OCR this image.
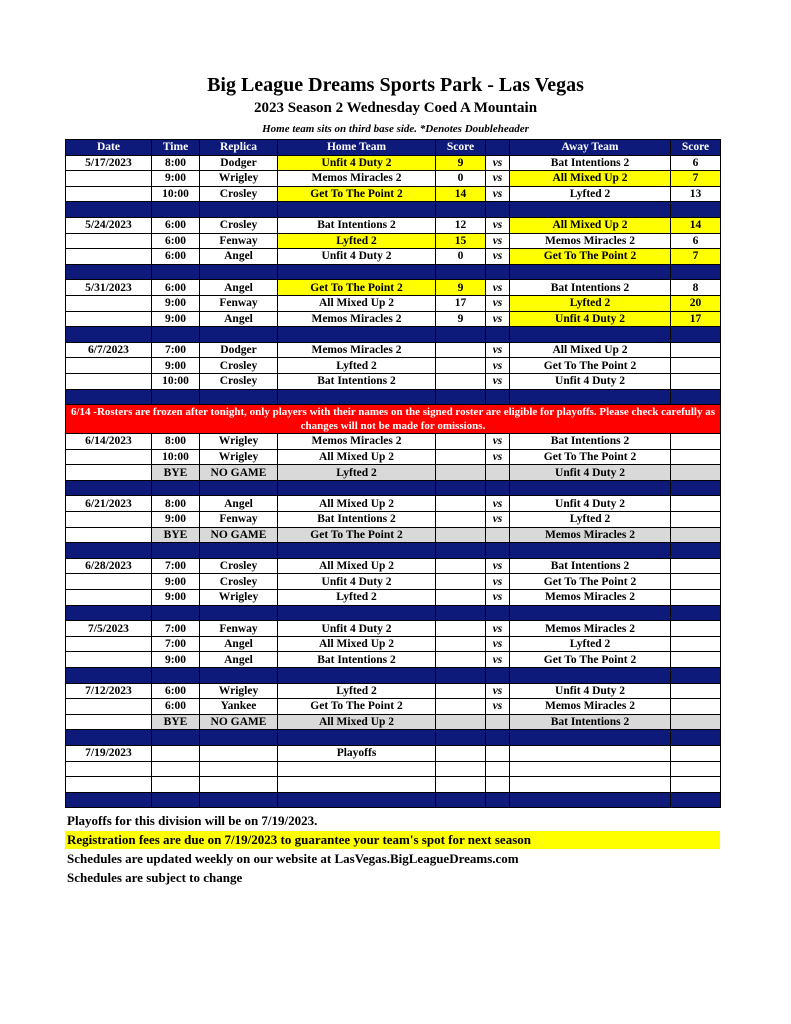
Big League Dreams Sports Park - Las Vegas
2023 Season 2 Wednesday Coed A Mountain
Home team sits on third base side. *Denotes Doubleheader
Date	Time	Replica	Home Team	Score		Away Team	Score
5/17/2023	8:00	Dodger	Unfit 4 Duty 2	9	vs	Bat Intentions 2	6
	9:00	Wrigley	Memos Miracles 2	0	vs	All Mixed Up 2	7
	10:00	Crosley	Get To The Point 2	14	vs	Lyfted 2	13

5/24/2023	6:00	Crosley	Bat Intentions 2	12	vs	All Mixed Up 2	14
	6:00	Fenway	Lyfted 2	15	vs	Memos Miracles 2	6
	6:00	Angel	Unfit 4 Duty 2	0	vs	Get To The Point 2	7

5/31/2023	6:00	Angel	Get To The Point 2	9	vs	Bat Intentions 2	8
	9:00	Fenway	All Mixed Up 2	17	vs	Lyfted 2	20
	9:00	Angel	Memos Miracles 2	9	vs	Unfit 4 Duty 2	17

6/7/2023	7:00	Dodger	Memos Miracles 2		vs	All Mixed Up 2	
	9:00	Crosley	Lyfted 2		vs	Get To The Point 2	
	10:00	Crosley	Bat Intentions 2		vs	Unfit 4 Duty 2	

6/14 -Rosters are frozen after tonight, only players with their names on the signed roster are eligible for playoffs. Please check carefully as changes will not be made for omissions.							
6/14/2023	8:00	Wrigley	Memos Miracles 2		vs	Bat Intentions 2	
	10:00	Wrigley	All Mixed Up 2		vs	Get To The Point 2	
	BYE	NO GAME	Lyfted 2			Unfit 4 Duty 2	

6/21/2023	8:00	Angel	All Mixed Up 2		vs	Unfit 4 Duty 2	
	9:00	Fenway	Bat Intentions 2		vs	Lyfted 2	
	BYE	NO GAME	Get To The Point 2			Memos Miracles 2	

6/28/2023	7:00	Crosley	All Mixed Up 2		vs	Bat Intentions 2	
	9:00	Crosley	Unfit 4 Duty 2		vs	Get To The Point 2	
	9:00	Wrigley	Lyfted 2		vs	Memos Miracles 2	

7/5/2023	7:00	Fenway	Unfit 4 Duty 2		vs	Memos Miracles 2	
	7:00	Angel	All Mixed Up 2		vs	Lyfted 2	
	9:00	Angel	Bat Intentions 2		vs	Get To The Point 2	

7/12/2023	6:00	Wrigley	Lyfted 2		vs	Unfit 4 Duty 2	
	6:00	Yankee	Get To The Point 2		vs	Memos Miracles 2	
	BYE	NO GAME	All Mixed Up 2			Bat Intentions 2	

7/19/2023			Playoffs				

Playoffs for this division will be on 7/19/2023.
Registration fees are due on 7/19/2023 to guarantee your team's spot for next season
Schedules are updated weekly on our website at LasVegas.BigLeagueDreams.com
Schedules are subject to change
